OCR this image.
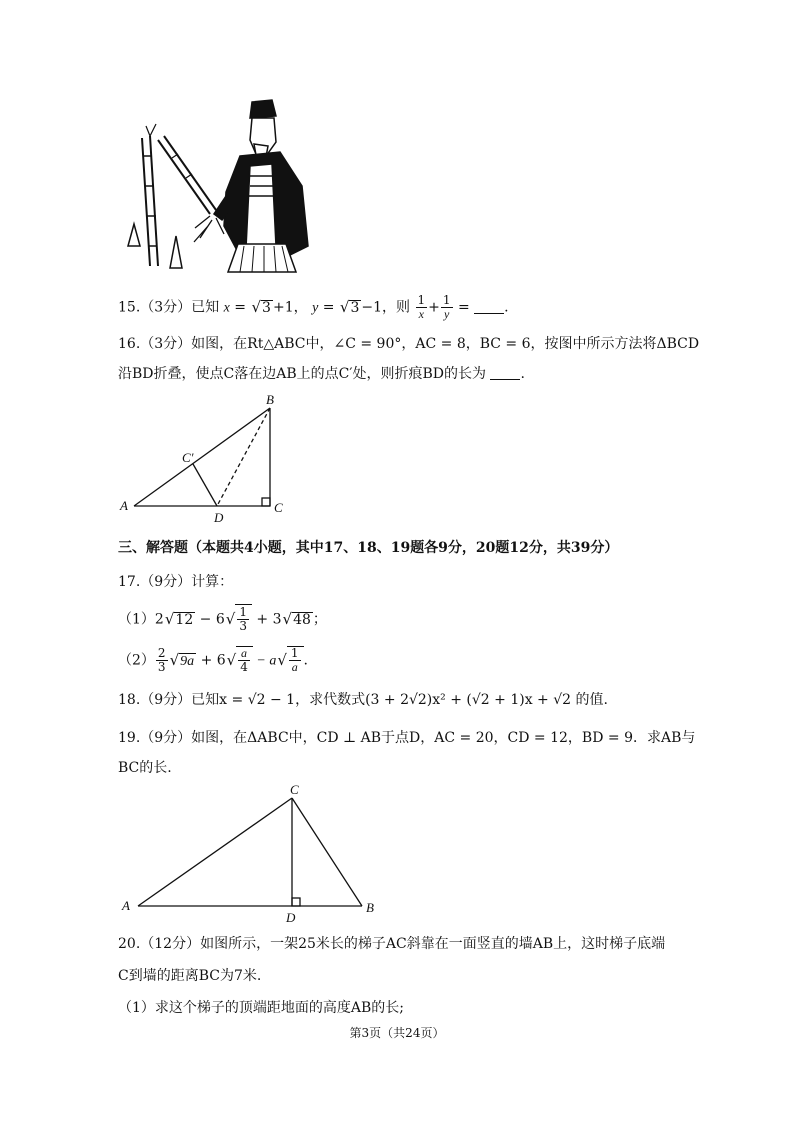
15.（3分）已知 x = √3 +1， y = √3 −1，则 $\frac{1}{x} + \frac{1}{y}$ = .
16.（3分）如图，在Rt△ABC中，∠C = 90°，AC = 8，BC = 6，按图中所示方法将ΔBCD
沿BD折叠，使点C落在边AB上的点C′处，则折痕BD的长为 .
A
B
C
C′
D
三、解答题（本题共4小题，其中17、18、19题各9分，20题12分，共39分）
17.（9分）计算：
$(1)2√12 - 6√ \frac{1}{3} + 3√48$ ；
$(2) \frac{2}{3} √9a + 6√ \frac{a}{4} - a√ \frac{1}{a}$ .
18.（9分）已知x = √2 − 1，求代数式(3 + 2√2)x² + (√2 + 1)x + √2 的值.
19.（9分）如图，在ΔABC中，CD ⊥ AB于点D，AC = 20，CD = 12，BD = 9．求AB与
BC的长.
A	B
C
D
20.（12分）如图所示，一架25米长的梯子AC斜靠在一面竖直的墙AB上，这时梯子底端
C到墙的距离BC为7米.
（1）求这个梯子的顶端距地面的高度AB的长;
第3页（共24页）
